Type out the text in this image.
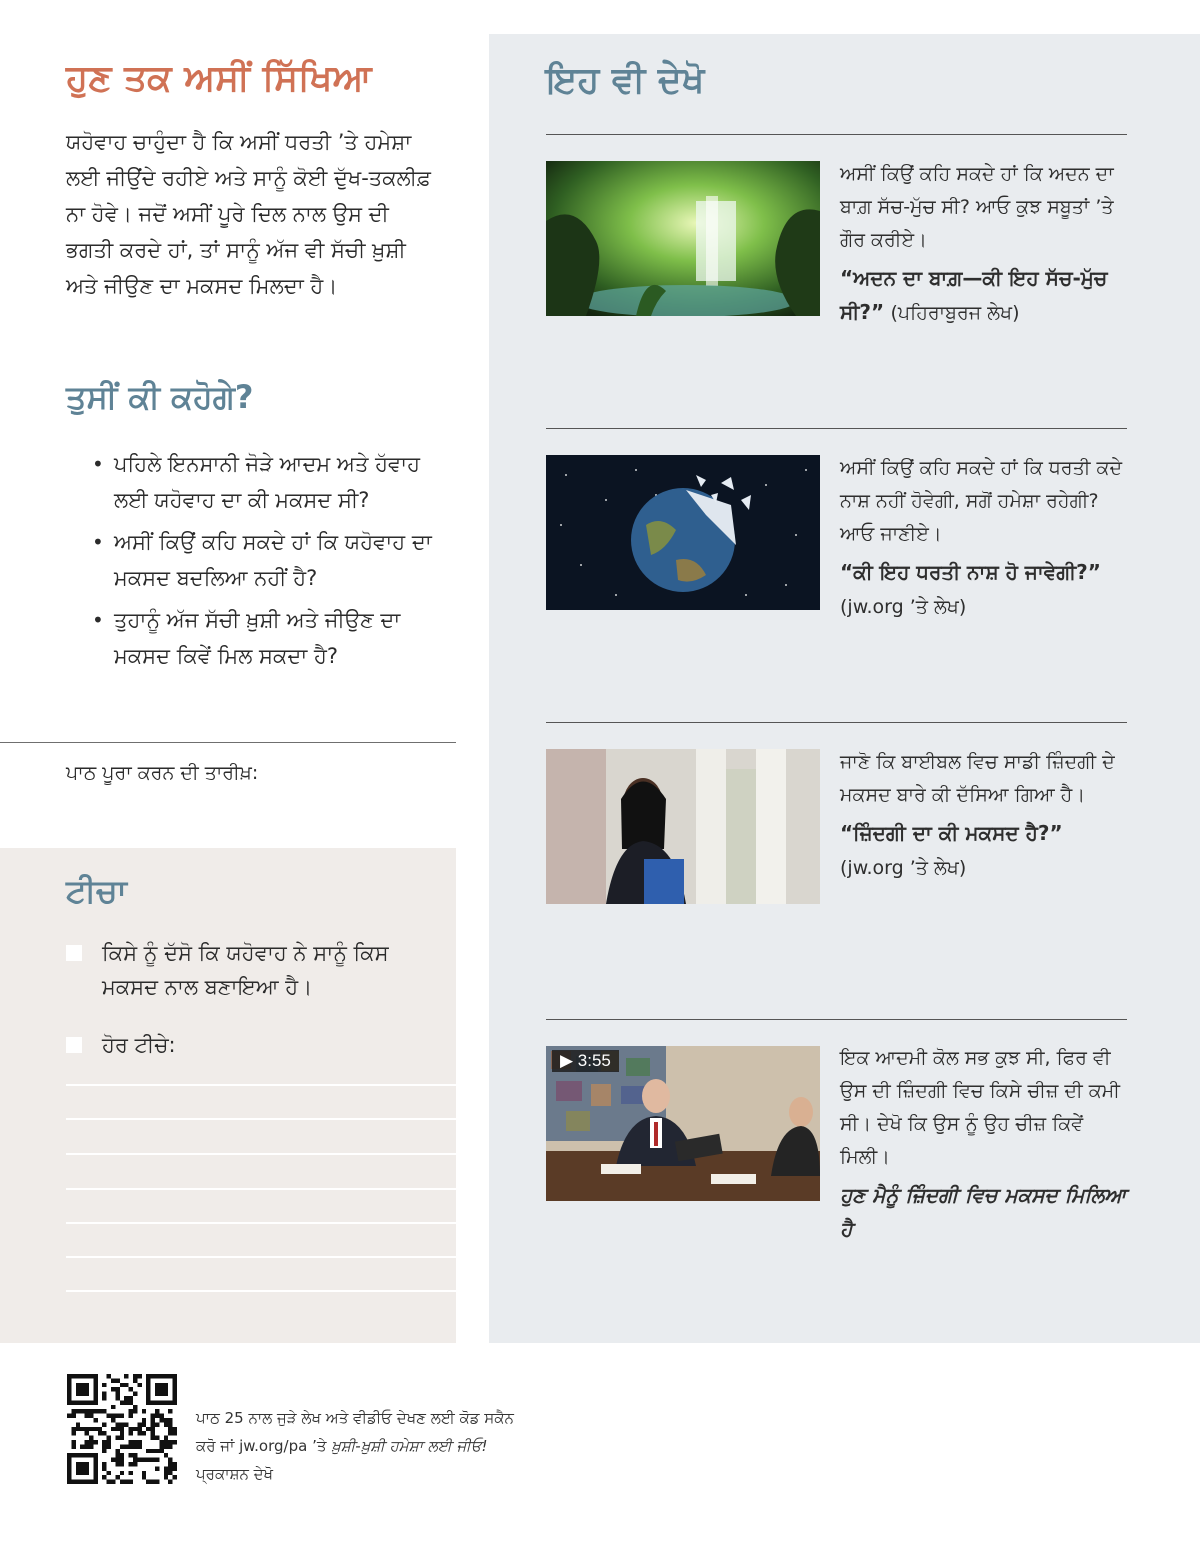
ਹੁਣ ਤਕ ਅਸੀਂ ਸਿੱਖਿਆ

ਯਹੋਵਾਹ ਚਾਹੁੰਦਾ ਹੈ ਕਿ ਅਸੀਂ ਧਰਤੀ ’ਤੇ ਹਮੇਸ਼ਾ ਲਈ ਜੀਉਂਦੇ ਰਹੀਏ ਅਤੇ ਸਾਨੂੰ ਕੋਈ ਦੁੱਖ-ਤਕਲੀਫ਼ ਨਾ ਹੋਵੇ। ਜਦੋਂ ਅਸੀਂ ਪੂਰੇ ਦਿਲ ਨਾਲ ਉਸ ਦੀ ਭਗਤੀ ਕਰਦੇ ਹਾਂ, ਤਾਂ ਸਾਨੂੰ ਅੱਜ ਵੀ ਸੱਚੀ ਖ਼ੁਸ਼ੀ ਅਤੇ ਜੀਉਣ ਦਾ ਮਕਸਦ ਮਿਲਦਾ ਹੈ।

ਤੁਸੀਂ ਕੀ ਕਹੋਗੇ?
• ਪਹਿਲੇ ਇਨਸਾਨੀ ਜੋੜੇ ਆਦਮ ਅਤੇ ਹੱਵਾਹ ਲਈ ਯਹੋਵਾਹ ਦਾ ਕੀ ਮਕਸਦ ਸੀ?
• ਅਸੀਂ ਕਿਉਂ ਕਹਿ ਸਕਦੇ ਹਾਂ ਕਿ ਯਹੋਵਾਹ ਦਾ ਮਕਸਦ ਬਦਲਿਆ ਨਹੀਂ ਹੈ?
• ਤੁਹਾਨੂੰ ਅੱਜ ਸੱਚੀ ਖ਼ੁਸ਼ੀ ਅਤੇ ਜੀਉਣ ਦਾ ਮਕਸਦ ਕਿਵੇਂ ਮਿਲ ਸਕਦਾ ਹੈ?
ਪਾਠ ਪੂਰਾ ਕਰਨ ਦੀ ਤਾਰੀਖ਼:
ਟੀਚਾ
ਕਿਸੇ ਨੂੰ ਦੱਸੋ ਕਿ ਯਹੋਵਾਹ ਨੇ ਸਾਨੂੰ ਕਿਸ ਮਕਸਦ ਨਾਲ ਬਣਾਇਆ ਹੈ।
ਹੋਰ ਟੀਚੇ:
ਇਹ ਵੀ ਦੇਖੋ

ਅਸੀਂ ਕਿਉਂ ਕਹਿ ਸਕਦੇ ਹਾਂ ਕਿ ਅਦਨ ਦਾ ਬਾਗ਼ ਸੱਚ-ਮੁੱਚ ਸੀ? ਆਓ ਕੁਝ ਸਬੂਤਾਂ ’ਤੇ ਗੌਰ ਕਰੀਏ।

“ਅਦਨ ਦਾ ਬਾਗ਼—ਕੀ ਇਹ ਸੱਚ-ਮੁੱਚ ਸੀ?” (ਪਹਿਰਾਬੁਰਜ ਲੇਖ)

ਅਸੀਂ ਕਿਉਂ ਕਹਿ ਸਕਦੇ ਹਾਂ ਕਿ ਧਰਤੀ ਕਦੇ ਨਾਸ਼ ਨਹੀਂ ਹੋਵੇਗੀ, ਸਗੋਂ ਹਮੇਸ਼ਾ ਰਹੇਗੀ? ਆਓ ਜਾਣੀਏ।

“ਕੀ ਇਹ ਧਰਤੀ ਨਾਸ਼ ਹੋ ਜਾਵੇਗੀ?” (jw.org ’ਤੇ ਲੇਖ)

ਜਾਣੋ ਕਿ ਬਾਈਬਲ ਵਿਚ ਸਾਡੀ ਜ਼ਿੰਦਗੀ ਦੇ ਮਕਸਦ ਬਾਰੇ ਕੀ ਦੱਸਿਆ ਗਿਆ ਹੈ।

“ਜ਼ਿੰਦਗੀ ਦਾ ਕੀ ਮਕਸਦ ਹੈ?” (jw.org ’ਤੇ ਲੇਖ)

▶ 3:55	ਇਕ ਆਦਮੀ ਕੋਲ ਸਭ ਕੁਝ ਸੀ, ਫਿਰ ਵੀ ਉਸ ਦੀ ਜ਼ਿੰਦਗੀ ਵਿਚ ਕਿਸੇ ਚੀਜ਼ ਦੀ ਕਮੀ ਸੀ। ਦੇਖੋ ਕਿ ਉਸ ਨੂੰ ਉਹ ਚੀਜ਼ ਕਿਵੇਂ ਮਿਲੀ।

ਹੁਣ ਮੈਨੂੰ ਜ਼ਿੰਦਗੀ ਵਿਚ ਮਕਸਦ ਮਿਲਿਆ ਹੈ

ਪਾਠ 25 ਨਾਲ ਜੁੜੇ ਲੇਖ ਅਤੇ ਵੀਡੀਓ ਦੇਖਣ ਲਈ ਕੋਡ ਸਕੈਨ ਕਰੋ ਜਾਂ jw.org/pa ’ਤੇ ਖ਼ੁਸ਼ੀ-ਖ਼ੁਸ਼ੀ ਹਮੇਸ਼ਾ ਲਈ ਜੀਓ! ਪ੍ਰਕਾਸ਼ਨ ਦੇਖੋ
